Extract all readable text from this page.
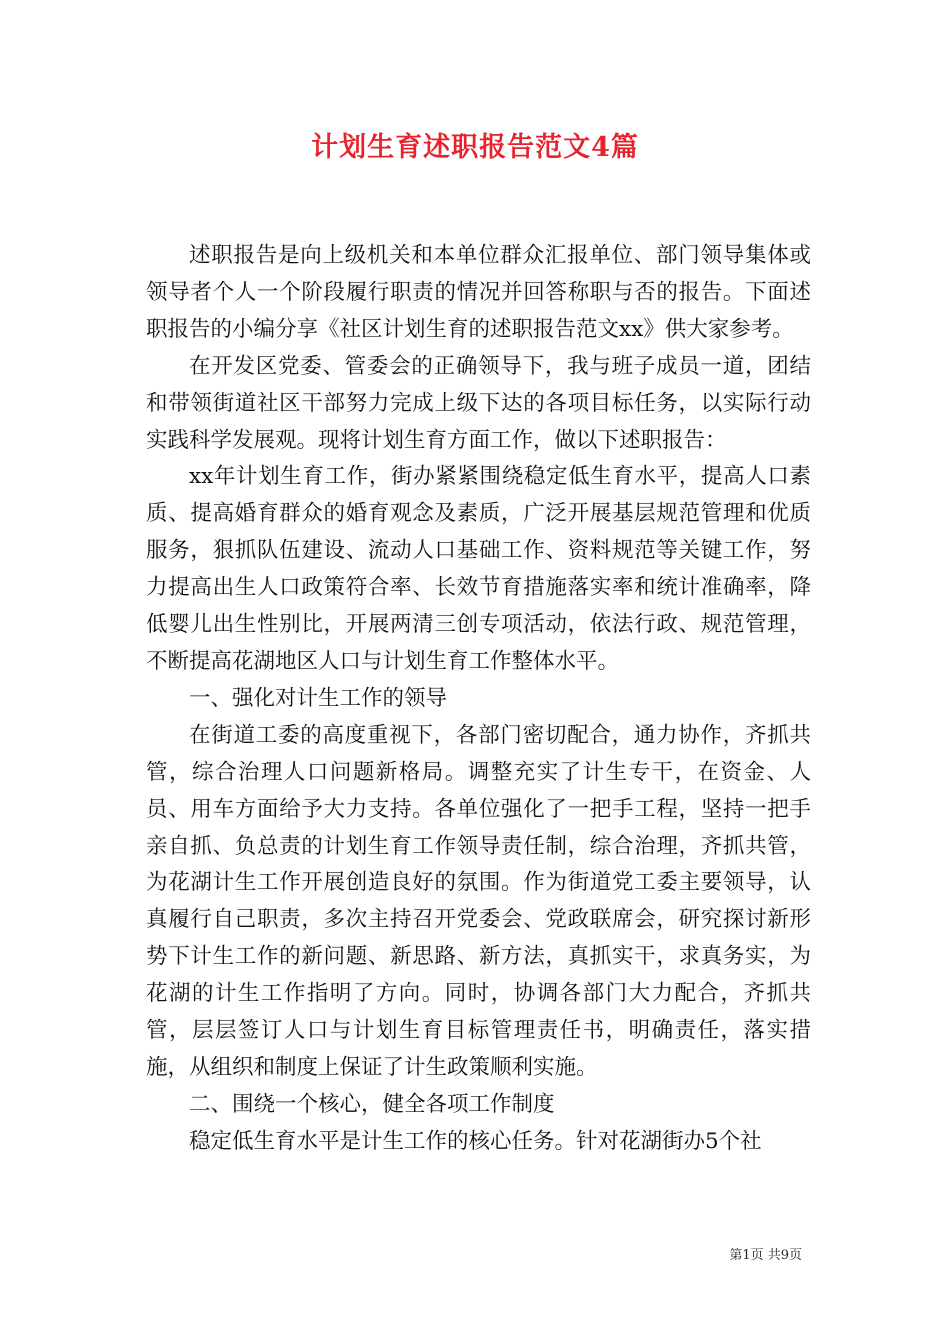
计划生育述职报告范文4篇

述职报告是向上级机关和本单位群众汇报单位、部门领导集体或领导者个人一个阶段履行职责的情况并回答称职与否的报告。下面述职报告的小编分享《社区计划生育的述职报告范文xx》供大家参考。

在开发区党委、管委会的正确领导下，我与班子成员一道，团结和带领街道社区干部努力完成上级下达的各项目标任务，以实际行动实践科学发展观。现将计划生育方面工作，做以下述职报告：

xx年计划生育工作，街办紧紧围绕稳定低生育水平，提高人口素质、提高婚育群众的婚育观念及素质，广泛开展基层规范管理和优质服务，狠抓队伍建设、流动人口基础工作、资料规范等关键工作，努力提高出生人口政策符合率、长效节育措施落实率和统计准确率，降低婴儿出生性别比，开展两清三创专项活动，依法行政、规范管理，不断提高花湖地区人口与计划生育工作整体水平。

一、强化对计生工作的领导

在街道工委的高度重视下，各部门密切配合，通力协作，齐抓共管，综合治理人口问题新格局。调整充实了计生专干，在资金、人员、用车方面给予大力支持。各单位强化了一把手工程，坚持一把手亲自抓、负总责的计划生育工作领导责任制，综合治理，齐抓共管，为花湖计生工作开展创造良好的氛围。作为街道党工委主要领导，认真履行自己职责，多次主持召开党委会、党政联席会，研究探讨新形势下计生工作的新问题、新思路、新方法，真抓实干，求真务实，为花湖的计生工作指明了方向。同时，协调各部门大力配合，齐抓共管，层层签订人口与计划生育目标管理责任书，明确责任，落实措施，从组织和制度上保证了计生政策顺利实施。

二、围绕一个核心，健全各项工作制度

稳定低生育水平是计生工作的核心任务。针对花湖街办5个社

第1页 共9页
